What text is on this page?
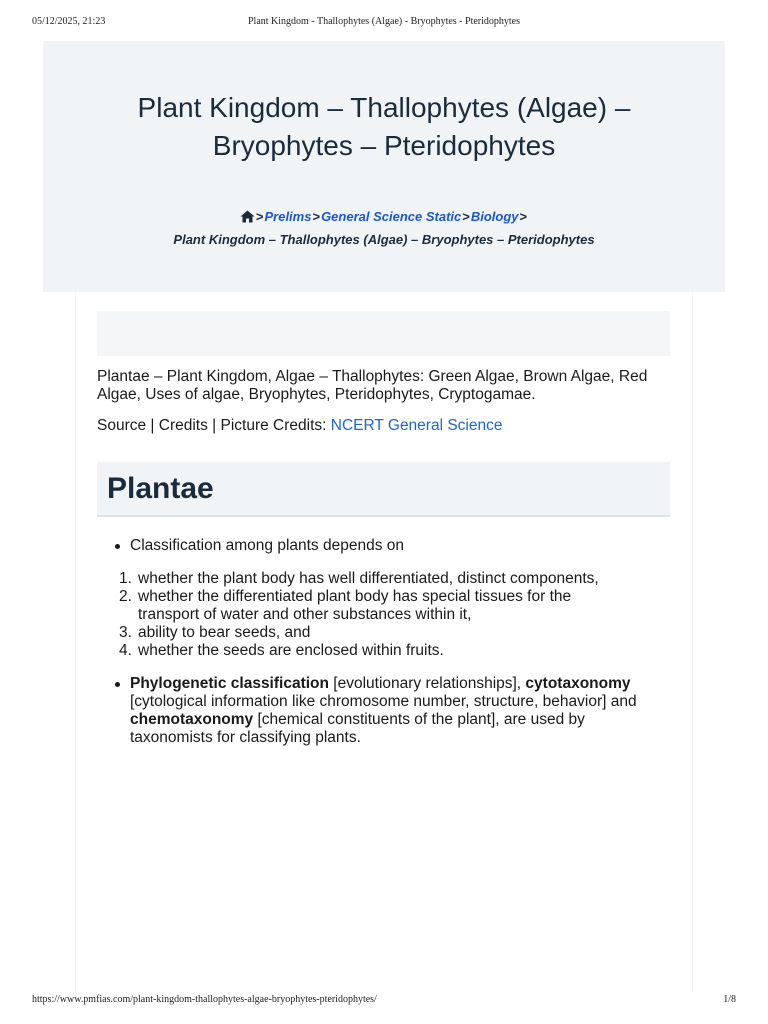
05/12/2025, 21:23	Plant Kingdom - Thallophytes (Algae) - Bryophytes - Pteridophytes
Plant Kingdom – Thallophytes (Algae) – Bryophytes – Pteridophytes
>Prelims>General Science Static>Biology>
Plant Kingdom – Thallophytes (Algae) – Bryophytes – Pteridophytes

Plantae – Plant Kingdom, Algae – Thallophytes: Green Algae, Brown Algae, Red Algae, Uses of algae, Bryophytes, Pteridophytes, Cryptogamae.

Source | Credits | Picture Credits: NCERT General Science

Plantae
Classification among plants depends on
1. whether the plant body has well differentiated, distinct components,
2. whether the differentiated plant body has special tissues for the transport of water and other substances within it,
3. ability to bear seeds, and
4. whether the seeds are enclosed within fruits.
Phylogenetic classification [evolutionary relationships], cytotaxonomy [cytological information like chromosome number, structure, behavior] and chemotaxonomy [chemical constituents of the plant], are used by taxonomists for classifying plants.
https://www.pmfias.com/plant-kingdom-thallophytes-algae-bryophytes-pteridophytes/	1/8
